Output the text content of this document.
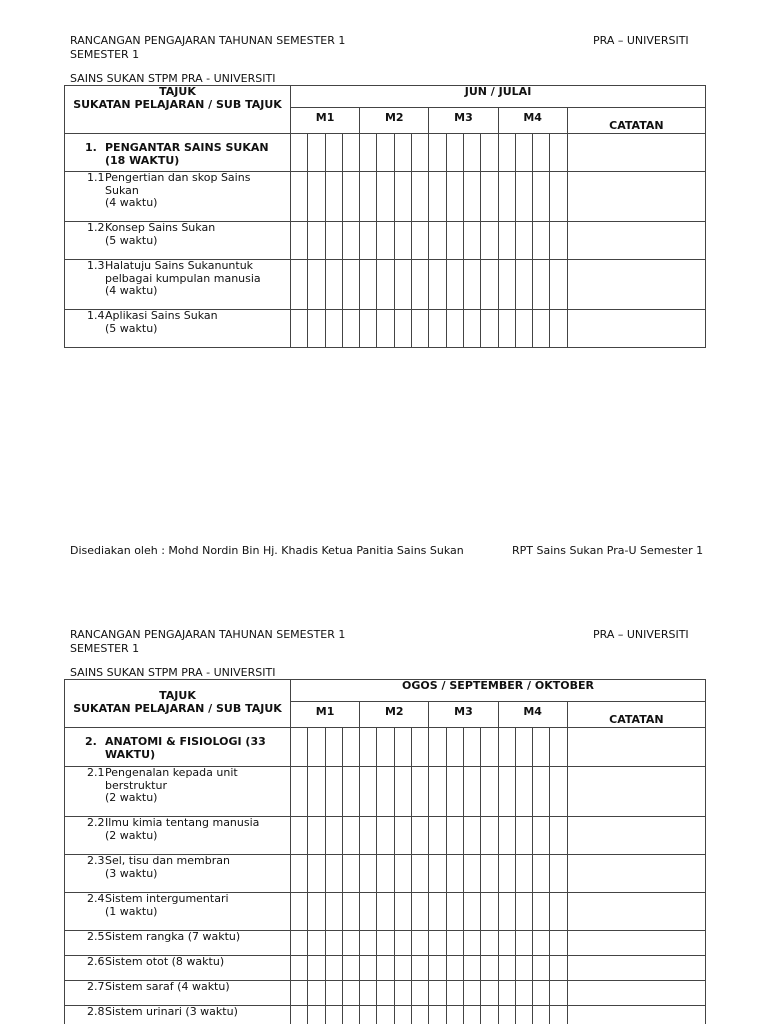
RANCANGAN PENGAJARAN TAHUNAN SEMESTER 1	PRA – UNIVERSITI
SEMESTER 1
SAINS SUKAN STPM PRA - UNIVERSITI
TAJUK
SUKATAN PELAJARAN / SUB TAJUK	JUN / JULAI																
	M1				M2				M3				M4				CATATAN

1. PENGANTAR SAINS SUKAN
(18 WAKTU)																	

1.1 Pengertian dan skop Sains
Sukan
(4 waktu)																	

1.2 Konsep Sains Sukan
(5 waktu)																	

1.3 Halatuju Sains Sukanuntuk
pelbagai kumpulan manusia
(4 waktu)																	

1.4 Aplikasi Sains Sukan
(5 waktu)																	

Disediakan oleh : Mohd Nordin Bin Hj. Khadis Ketua Panitia Sains Sukan	RPT Sains Sukan Pra-U Semester 1
RANCANGAN PENGAJARAN TAHUNAN SEMESTER 1	PRA – UNIVERSITI
SEMESTER 1
SAINS SUKAN STPM PRA - UNIVERSITI
TAJUK
SUKATAN PELAJARAN / SUB TAJUK	OGOS / SEPTEMBER / OKTOBER																
	M1				M2				M3				M4				CATATAN

2. ANATOMI & FISIOLOGI (33
WAKTU)																	

2.1 Pengenalan kepada unit
berstruktur
(2 waktu)																	

2.2 Ilmu kimia tentang manusia
(2 waktu)																	

2.3 Sel, tisu dan membran
(3 waktu)																	

2.4 Sistem intergumentari
(1 waktu)																	

2.5 Sistem rangka (7 waktu)																	

2.6 Sistem otot (8 waktu)																	

2.7 Sistem saraf (4 waktu)																	

2.8 Sistem urinari (3 waktu)																	
